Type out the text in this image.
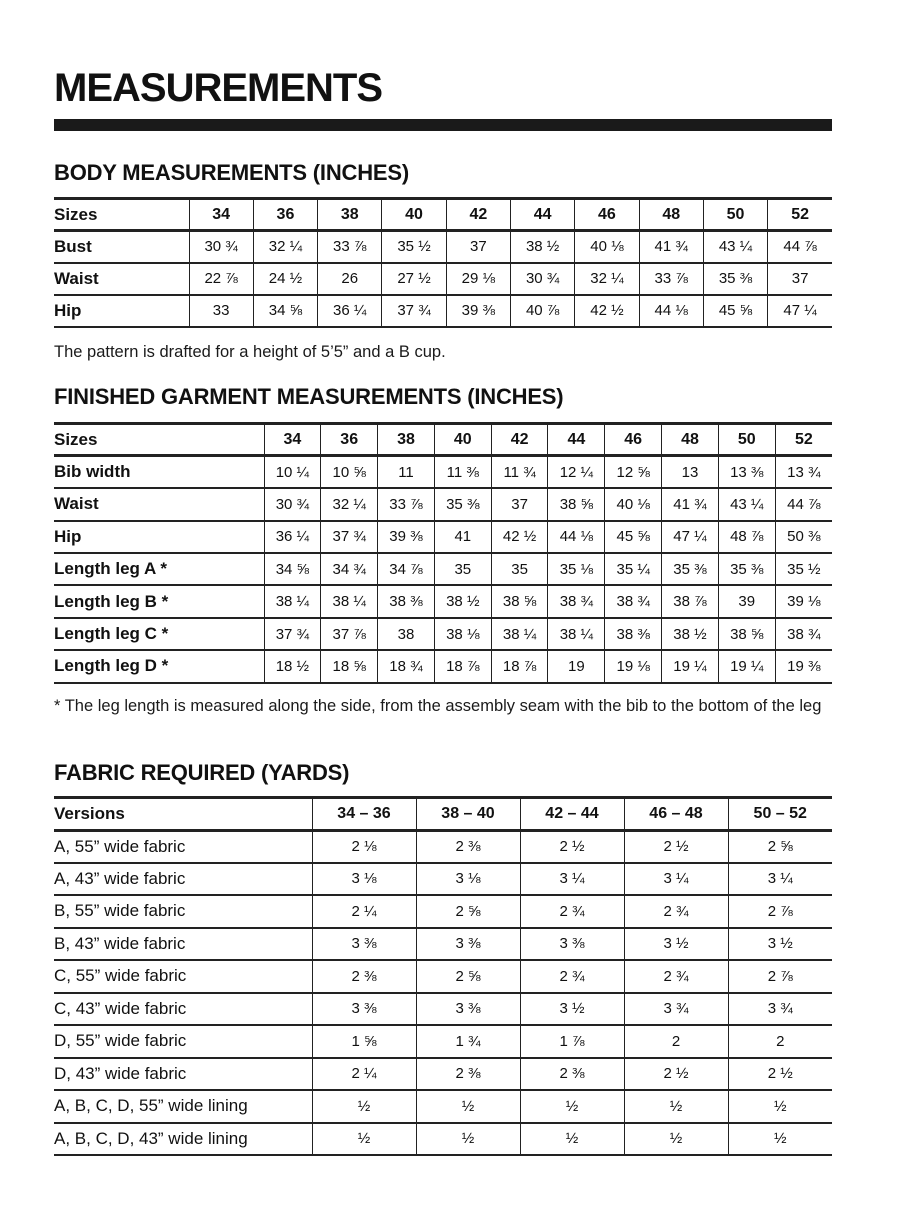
MEASUREMENTS
BODY MEASUREMENTS (INCHES)
Sizes	34	36	38	40	42	44	46	48	50	52
Bust	30 ¾	32 ¼	33 ⅞	35 ½	37	38 ½	40 ⅛	41 ¾	43 ¼	44 ⅞
Waist	22 ⅞	24 ½	26	27 ½	29 ⅛	30 ¾	32 ¼	33 ⅞	35 ⅜	37
Hip	33	34 ⅝	36 ¼	37 ¾	39 ⅜	40 ⅞	42 ½	44 ⅛	45 ⅝	47 ¼

The pattern is drafted for a height of 5’5” and a B cup.

FINISHED GARMENT MEASUREMENTS (INCHES)
Sizes	34	36	38	40	42	44	46	48	50	52
Bib width	10 ¼	10 ⅝	11	11 ⅜	11 ¾	12 ¼	12 ⅝	13	13 ⅜	13 ¾
Waist	30 ¾	32 ¼	33 ⅞	35 ⅜	37	38 ⅝	40 ⅛	41 ¾	43 ¼	44 ⅞
Hip	36 ¼	37 ¾	39 ⅜	41	42 ½	44 ⅛	45 ⅝	47 ¼	48 ⅞	50 ⅜
Length leg A *	34 ⅝	34 ¾	34 ⅞	35	35	35 ⅛	35 ¼	35 ⅜	35 ⅜	35 ½
Length leg B *	38 ¼	38 ¼	38 ⅜	38 ½	38 ⅝	38 ¾	38 ¾	38 ⅞	39	39 ⅛
Length leg C *	37 ¾	37 ⅞	38	38 ⅛	38 ¼	38 ¼	38 ⅜	38 ½	38 ⅝	38 ¾
Length leg D *	18 ½	18 ⅝	18 ¾	18 ⅞	18 ⅞	19	19 ⅛	19 ¼	19 ¼	19 ⅜

* The leg length is measured along the side, from the assembly seam with the bib to the bottom of the leg

FABRIC REQUIRED (YARDS)
Versions	34 – 36	38 – 40	42 – 44	46 – 48	50 – 52
A, 55” wide fabric	2 ⅛	2 ⅜	2 ½	2 ½	2 ⅝
A, 43” wide fabric	3 ⅛	3 ⅛	3 ¼	3 ¼	3 ¼
B, 55” wide fabric	2 ¼	2 ⅝	2 ¾	2 ¾	2 ⅞
B, 43” wide fabric	3 ⅜	3 ⅜	3 ⅜	3 ½	3 ½
C, 55” wide fabric	2 ⅜	2 ⅝	2 ¾	2 ¾	2 ⅞
C, 43” wide fabric	3 ⅜	3 ⅜	3 ½	3 ¾	3 ¾
D, 55” wide fabric	1 ⅝	1 ¾	1 ⅞	2	2
D, 43” wide fabric	2 ¼	2 ⅜	2 ⅜	2 ½	2 ½
A, B, C, D, 55” wide lining	½	½	½	½	½
A, B, C, D, 43” wide lining	½	½	½	½	½
